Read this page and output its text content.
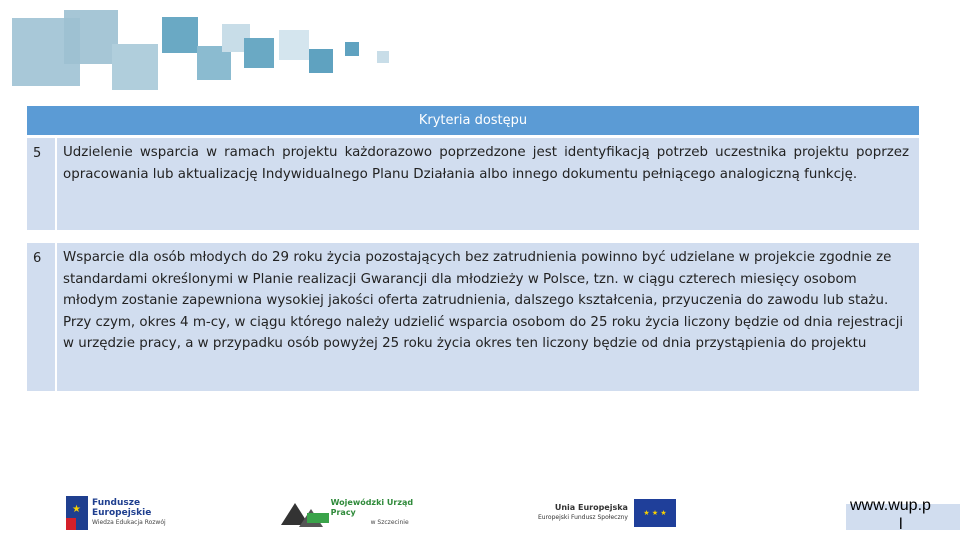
Kryteria dostępu
5	Udzielenie wsparcia w ramach projektu każdorazowo poprzedzone jest identyfikacją potrzeb uczestnika projektu poprzez opracowania lub aktualizację Indywidualnego Planu Działania albo innego dokumentu pełniącego analogiczną funkcję.
6	Wsparcie dla osób młodych do 29 roku życia pozostających bez zatrudnienia powinno być udzielane w projekcie zgodnie ze standardami określonymi w Planie realizacji Gwarancji dla młodzieży w Polsce, tzn. w ciągu czterech miesięcy osobom młodym zostanie zapewniona wysokiej jakości oferta zatrudnienia, dalszego kształcenia, przyuczenia do zawodu lub stażu. Przy czym, okres 4 m-cy, w ciągu którego należy udzielić wsparcia osobom do 25 roku życia liczony będzie od dnia rejestracji w urzędzie pracy, a w przypadku osób powyżej 25 roku życia okres ten liczony będzie od dnia przystąpienia do projektu
★
Fundusze
Europejskie
Wiedza Edukacja Rozwój
Wojewódzki Urząd Pracy
w Szczecinie
Unia Europejska
Europejski Fundusz Społeczny
★ ★ ★	www.wup.p
l
